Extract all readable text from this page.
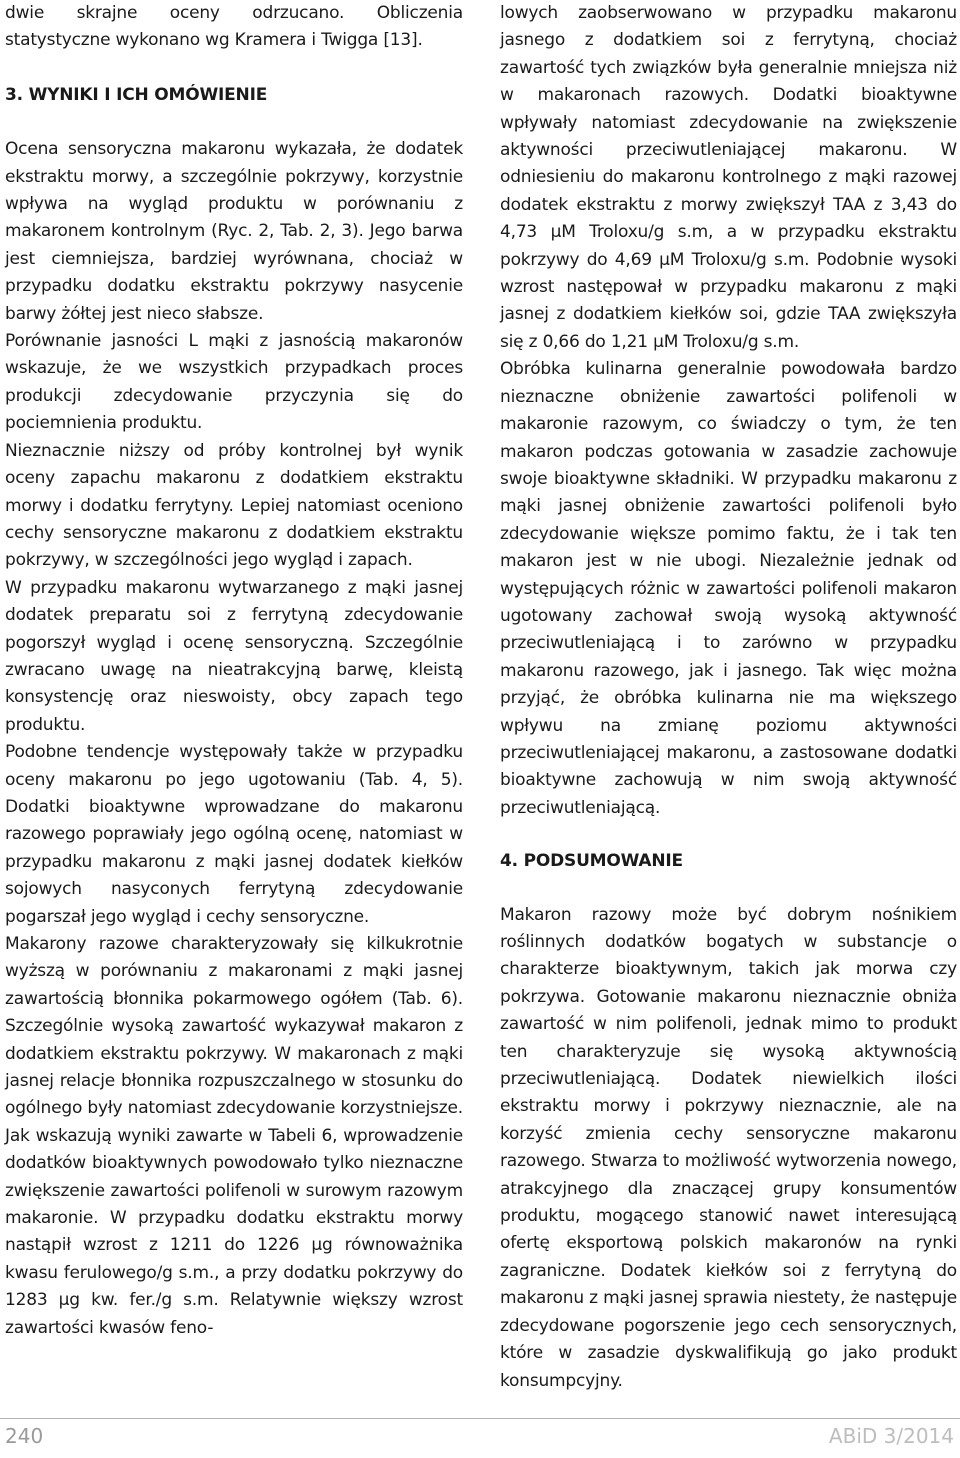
dwie skrajne oceny odrzucano. Obliczenia statystyczne wykonano wg Kramera i Twigga [13].

3. WYNIKI I ICH OMÓWIENIE

Ocena sensoryczna makaronu wykazała, że dodatek ekstraktu morwy, a szczególnie pokrzywy, korzystnie wpływa na wygląd produktu w porównaniu z makaronem kontrolnym (Ryc. 2, Tab. 2, 3). Jego barwa jest ciemniejsza, bardziej wyrównana, chociaż w przypadku dodatku ekstraktu pokrzywy nasycenie barwy żółtej jest nieco słabsze.

Porównanie jasności L mąki z jasnością makaronów wskazuje, że we wszystkich przypadkach proces produkcji zdecydowanie przyczynia się do pociemnienia produktu.

Nieznacznie niższy od próby kontrolnej był wynik oceny zapachu makaronu z dodatkiem ekstraktu morwy i dodatku ferrytyny. Lepiej natomiast oceniono cechy sensoryczne makaronu z dodatkiem ekstraktu pokrzywy, w szczególności jego wygląd i zapach.

W przypadku makaronu wytwarzanego z mąki jasnej dodatek preparatu soi z ferrytyną zdecydowanie pogorszył wygląd i ocenę sensoryczną. Szczególnie zwracano uwagę na nieatrakcyjną barwę, kleistą konsystencję oraz nieswoisty, obcy zapach tego produktu.

Podobne tendencje występowały także w przypadku oceny makaronu po jego ugotowaniu (Tab. 4, 5). Dodatki bioaktywne wprowadzane do makaronu razowego poprawiały jego ogólną ocenę, natomiast w przypadku makaronu z mąki jasnej dodatek kiełków sojowych nasyconych ferrytyną zdecydowanie pogarszał jego wygląd i cechy sensoryczne.

Makarony razowe charakteryzowały się kilkukrotnie wyższą w porównaniu z makaronami z mąki jasnej zawartością błonnika pokarmowego ogółem (Tab. 6). Szczególnie wysoką zawartość wykazywał makaron z dodatkiem ekstraktu pokrzywy. W makaronach z mąki jasnej relacje błonnika rozpuszczalnego w stosunku do ogólnego były natomiast zdecydowanie korzystniejsze. Jak wskazują wyniki zawarte w Tabeli 6, wprowadzenie dodatków bioaktywnych powodowało tylko nieznaczne zwiększenie zawartości polifenoli w surowym razowym makaronie. W przypadku dodatku ekstraktu morwy nastąpił wzrost z 1211 do 1226 µg równoważnika kwasu ferulowego/g s.m., a przy dodatku pokrzywy do 1283 µg kw. fer./g s.m. Relatywnie większy wzrost zawartości kwasów feno-

lowych zaobserwowano w przypadku makaronu jasnego z dodatkiem soi z ferrytyną, chociaż zawartość tych związków była generalnie mniejsza niż w makaronach razowych. Dodatki bioaktywne wpływały natomiast zdecydowanie na zwiększenie aktywności przeciwutleniającej makaronu. W odniesieniu do makaronu kontrolnego z mąki razowej dodatek ekstraktu z morwy zwiększył TAA z 3,43 do 4,73 µM Troloxu/g s.m, a w przypadku ekstraktu pokrzywy do 4,69 µM Troloxu/g s.m. Podobnie wysoki wzrost następował w przypadku makaronu z mąki jasnej z dodatkiem kiełków soi, gdzie TAA zwiększyła się z 0,66 do 1,21 µM Troloxu/g s.m.

Obróbka kulinarna generalnie powodowała bardzo nieznaczne obniżenie zawartości polifenoli w makaronie razowym, co świadczy o tym, że ten makaron podczas gotowania w zasadzie zachowuje swoje bioaktywne składniki. W przypadku makaronu z mąki jasnej obniżenie zawartości polifenoli było zdecydowanie większe pomimo faktu, że i tak ten makaron jest w nie ubogi. Niezależnie jednak od występujących różnic w zawartości polifenoli makaron ugotowany zachował swoją wysoką aktywność przeciwutleniającą i to zarówno w przypadku makaronu razowego, jak i jasnego. Tak więc można przyjąć, że obróbka kulinarna nie ma większego wpływu na zmianę poziomu aktywności przeciwutleniającej makaronu, a zastosowane dodatki bioaktywne zachowują w nim swoją aktywność przeciwutleniającą.

4. PODSUMOWANIE

Makaron razowy może być dobrym nośnikiem roślinnych dodatków bogatych w substancje o charakterze bioaktywnym, takich jak morwa czy pokrzywa. Gotowanie makaronu nieznacznie obniża zawartość w nim polifenoli, jednak mimo to produkt ten charakteryzuje się wysoką aktywnością przeciwutleniającą. Dodatek niewielkich ilości ekstraktu morwy i pokrzywy nieznacznie, ale na korzyść zmienia cechy sensoryczne makaronu razowego. Stwarza to możliwość wytworzenia nowego, atrakcyjnego dla znaczącej grupy konsumentów produktu, mogącego stanowić nawet interesującą ofertę eksportową polskich makaronów na rynki zagraniczne. Dodatek kiełków soi z ferrytyną do makaronu z mąki jasnej sprawia niestety, że następuje zdecydowane pogorszenie jego cech sensorycznych, które w zasadzie dyskwalifikują go jako produkt konsumpcyjny.

240	ABiD 3/2014
